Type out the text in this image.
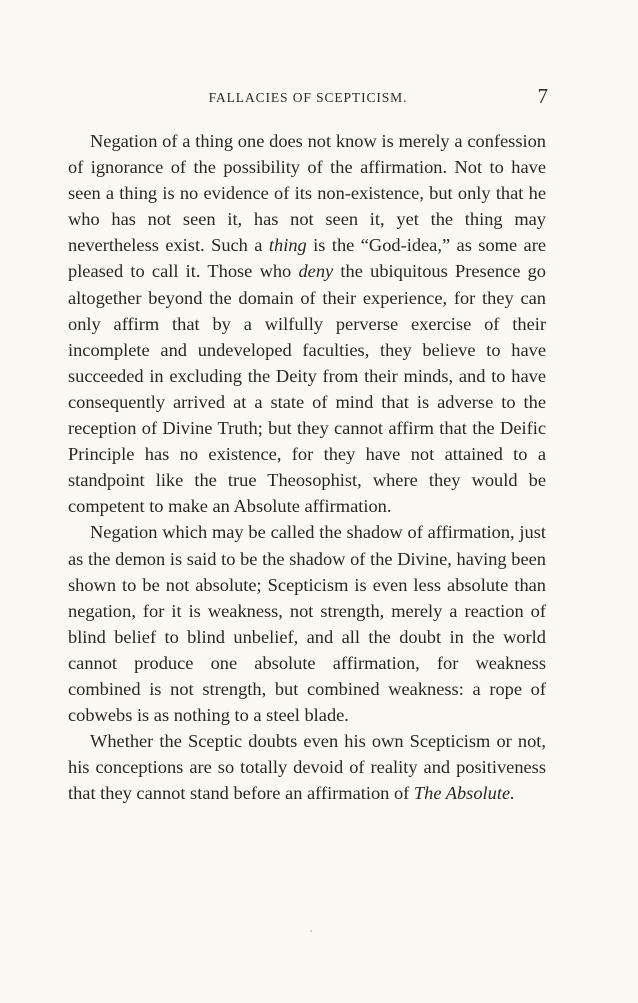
FALLACIES OF SCEPTICISM.	7

Negation of a thing one does not know is merely a confession of ignorance of the possibility of the affirmation. Not to have seen a thing is no evidence of its non-existence, but only that he who has not seen it, has not seen it, yet the thing may nevertheless exist. Such a thing is the “God-idea,” as some are pleased to call it. Those who deny the ubiquitous Presence go altogether beyond the domain of their experience, for they can only affirm that by a wilfully perverse exercise of their incomplete and undeveloped faculties, they believe to have succeeded in excluding the Deity from their minds, and to have consequently arrived at a state of mind that is adverse to the reception of Divine Truth; but they cannot affirm that the Deific Principle has no existence, for they have not attained to a standpoint like the true Theosophist, where they would be competent to make an Absolute affirmation.

Negation which may be called the shadow of affirmation, just as the demon is said to be the shadow of the Divine, having been shown to be not absolute; Scepticism is even less absolute than negation, for it is weakness, not strength, merely a reaction of blind belief to blind unbelief, and all the doubt in the world cannot produce one absolute affirmation, for weakness combined is not strength, but combined weakness: a rope of cobwebs is as nothing to a steel blade.

Whether the Sceptic doubts even his own Scepticism or not, his conceptions are so totally devoid of reality and positiveness that they cannot stand before an affirmation of The Absolute.
